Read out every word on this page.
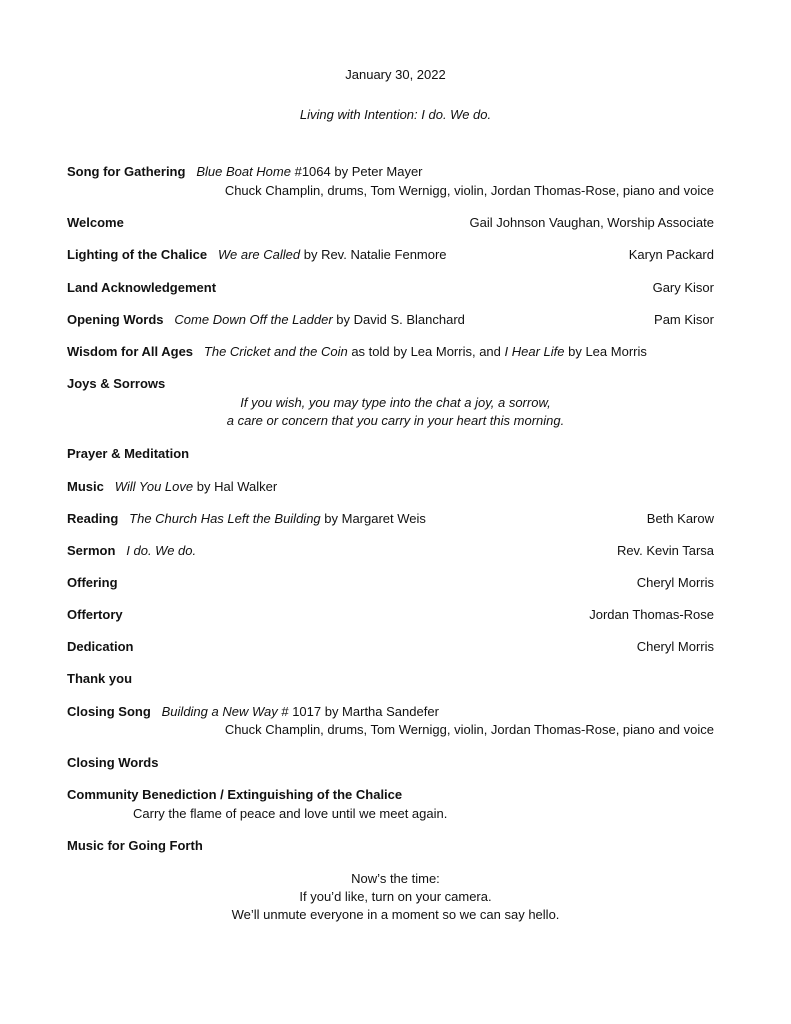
January 30, 2022
Living with Intention: I do. We do.
Song for Gathering Blue Boat Home #1064 by Peter Mayer
Chuck Champlin, drums, Tom Wernigg, violin, Jordan Thomas-Rose, piano and voice
Welcome	Gail Johnson Vaughan, Worship Associate
Lighting of the Chalice We are Called by Rev. Natalie Fenmore	Karyn Packard
Land Acknowledgement	Gary Kisor
Opening Words Come Down Off the Ladder by David S. Blanchard	Pam Kisor
Wisdom for All Ages The Cricket and the Coin as told by Lea Morris, and I Hear Life by Lea Morris
Joys & Sorrows
If you wish, you may type into the chat a joy, a sorrow,
a care or concern that you carry in your heart this morning.
Prayer & Meditation
Music Will You Love by Hal Walker
Reading The Church Has Left the Building by Margaret Weis	Beth Karow
Sermon I do. We do.	Rev. Kevin Tarsa
Offering	Cheryl Morris
Offertory	Jordan Thomas-Rose
Dedication	Cheryl Morris
Thank you
Closing Song Building a New Way # 1017 by Martha Sandefer
Chuck Champlin, drums, Tom Wernigg, violin, Jordan Thomas-Rose, piano and voice
Closing Words
Community Benediction / Extinguishing of the Chalice
Carry the flame of peace and love until we meet again.
Music for Going Forth
Now’s the time:
If you’d like, turn on your camera.
We’ll unmute everyone in a moment so we can say hello.
